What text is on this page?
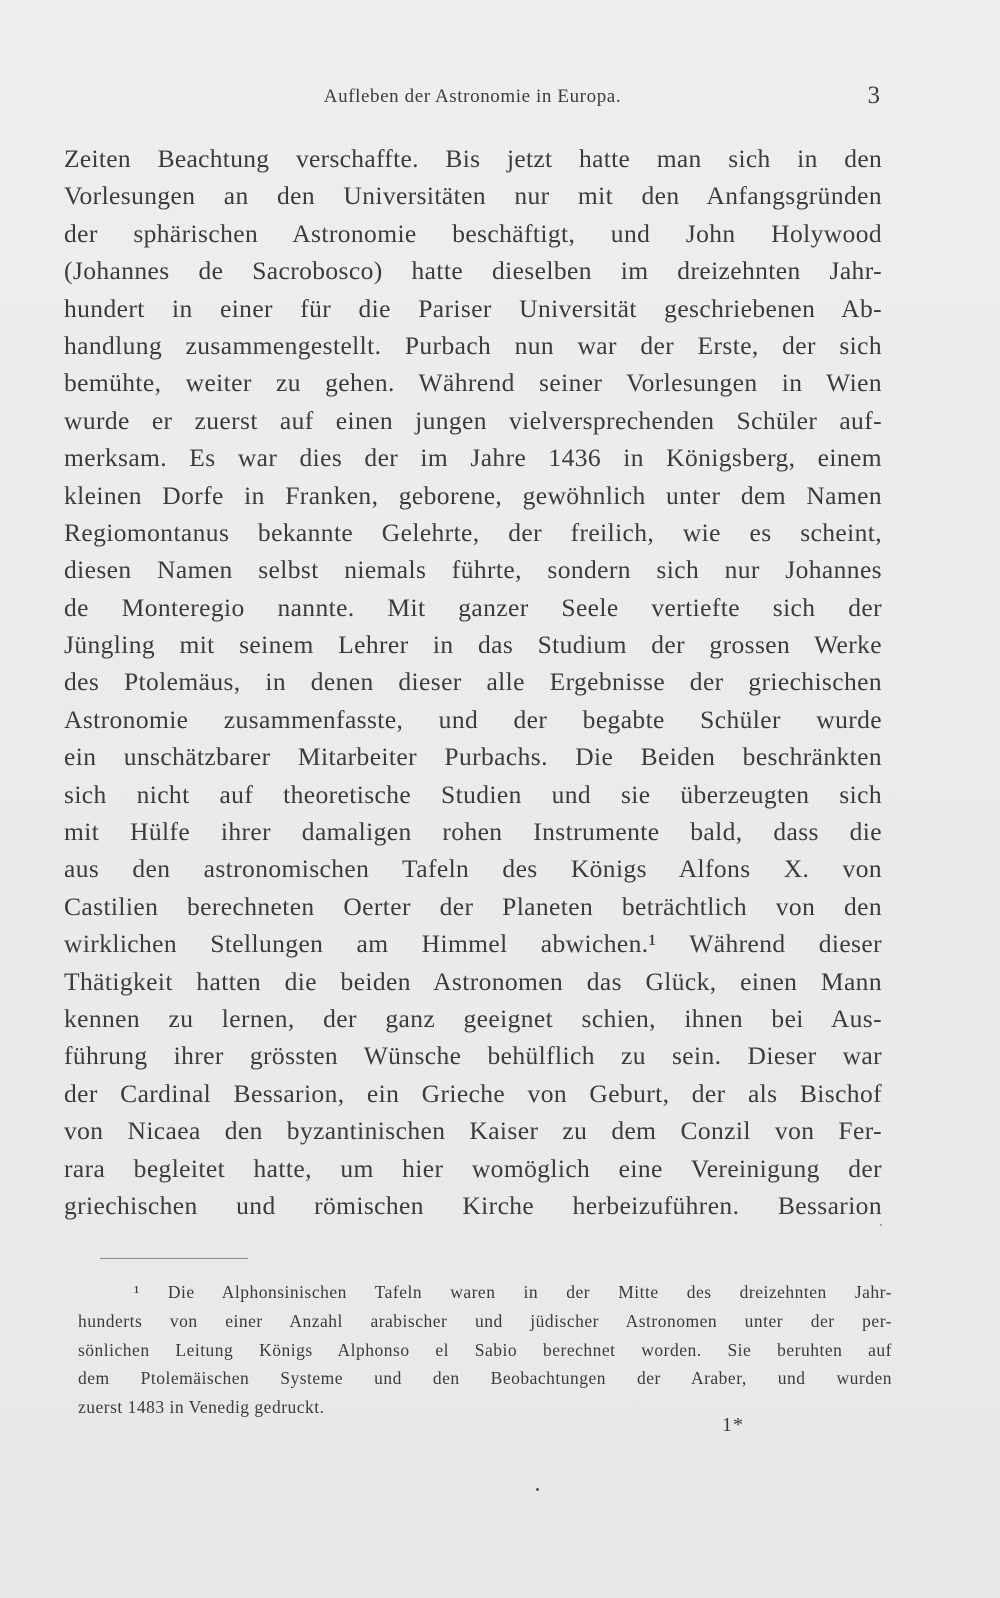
Aufleben der Astronomie in Europa.	3
Zeiten Beachtung verschaffte. Bis jetzt hatte man sich in den
Vorlesungen an den Universitäten nur mit den Anfangsgründen
der sphärischen Astronomie beschäftigt, und John Holywood
(Johannes de Sacrobosco) hatte dieselben im dreizehnten Jahr-
hundert in einer für die Pariser Universität geschriebenen Ab-
handlung zusammengestellt. Purbach nun war der Erste, der sich
bemühte, weiter zu gehen. Während seiner Vorlesungen in Wien
wurde er zuerst auf einen jungen vielversprechenden Schüler auf-
merksam. Es war dies der im Jahre 1436 in Königsberg, einem
kleinen Dorfe in Franken, geborene, gewöhnlich unter dem Namen
Regiomontanus bekannte Gelehrte, der freilich, wie es scheint,
diesen Namen selbst niemals führte, sondern sich nur Johannes
de Monteregio nannte. Mit ganzer Seele vertiefte sich der
Jüngling mit seinem Lehrer in das Studium der grossen Werke
des Ptolemäus, in denen dieser alle Ergebnisse der griechischen
Astronomie zusammenfasste, und der begabte Schüler wurde
ein unschätzbarer Mitarbeiter Purbachs. Die Beiden beschränkten
sich nicht auf theoretische Studien und sie überzeugten sich
mit Hülfe ihrer damaligen rohen Instrumente bald, dass die
aus den astronomischen Tafeln des Königs Alfons X. von
Castilien berechneten Oerter der Planeten beträchtlich von den
wirklichen Stellungen am Himmel abwichen.¹ Während dieser
Thätigkeit hatten die beiden Astronomen das Glück, einen Mann
kennen zu lernen, der ganz geeignet schien, ihnen bei Aus-
führung ihrer grössten Wünsche behülflich zu sein. Dieser war
der Cardinal Bessarion, ein Grieche von Geburt, der als Bischof
von Nicaea den byzantinischen Kaiser zu dem Conzil von Fer-
rara begleitet hatte, um hier womöglich eine Vereinigung der
griechischen und römischen Kirche herbeizuführen. Bessarion
¹ Die Alphonsinischen Tafeln waren in der Mitte des dreizehnten Jahr-
hunderts von einer Anzahl arabischer und jüdischer Astronomen unter der per-
sönlichen Leitung Königs Alphonso el Sabio berechnet worden. Sie beruhten auf
dem Ptolemäischen Systeme und den Beobachtungen der Araber, und wurden
zuerst 1483 in Venedig gedruckt.
1*
